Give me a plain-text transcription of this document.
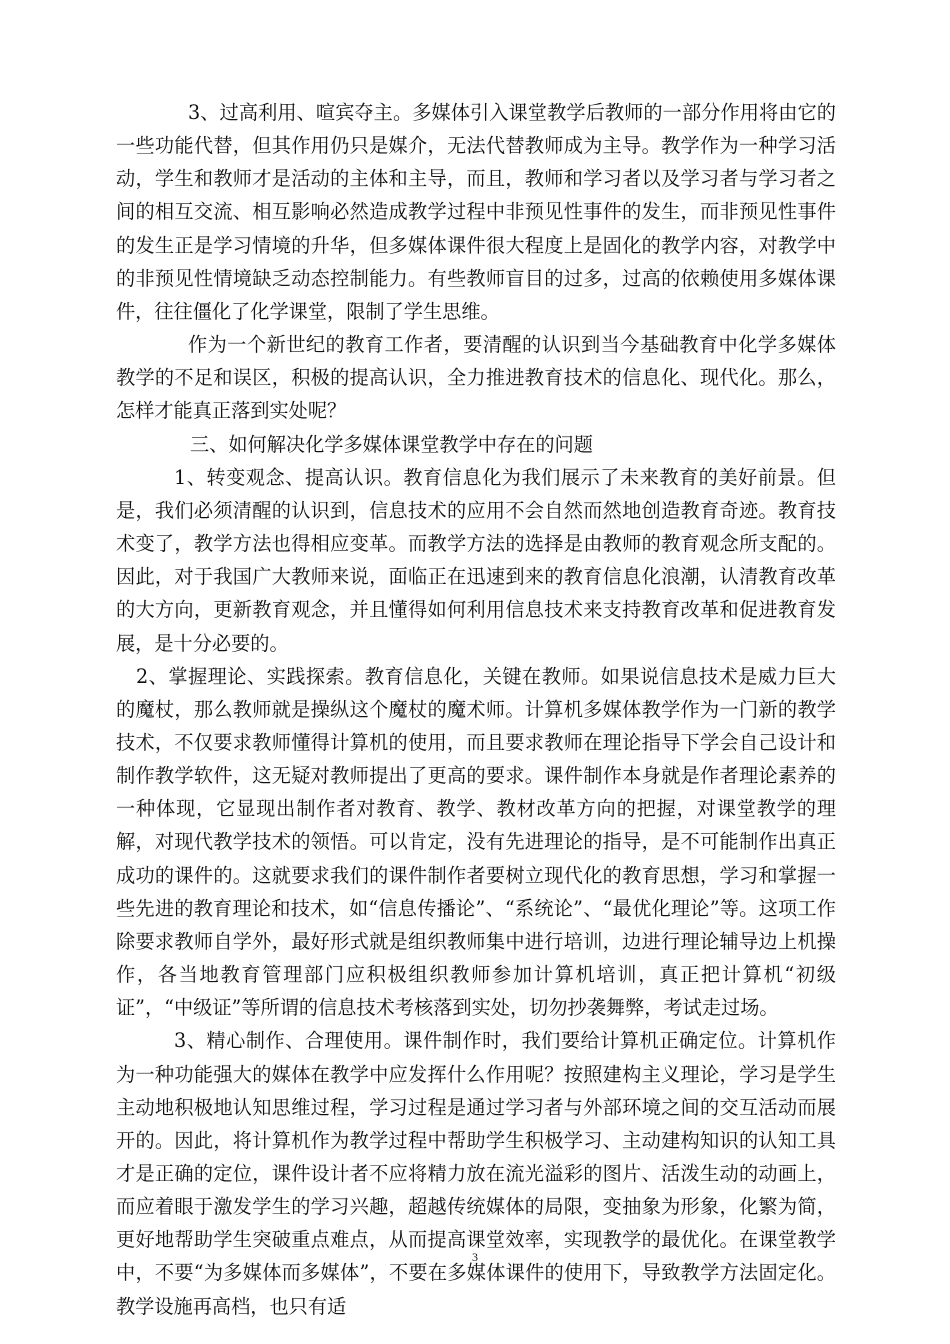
3、过高利用、喧宾夺主。多媒体引入课堂教学后教师的一部分作用将由它的一些功能代替，但其作用仍只是媒介，无法代替教师成为主导。教学作为一种学习活动，学生和教师才是活动的主体和主导，而且，教师和学习者以及学习者与学习者之间的相互交流、相互影响必然造成教学过程中非预见性事件的发生，而非预见性事件的发生正是学习情境的升华，但多媒体课件很大程度上是固化的教学内容，对教学中的非预见性情境缺乏动态控制能力。有些教师盲目的过多，过高的依赖使用多媒体课件，往往僵化了化学课堂，限制了学生思维。

作为一个新世纪的教育工作者，要清醒的认识到当今基础教育中化学多媒体教学的不足和误区，积极的提高认识，全力推进教育技术的信息化、现代化。那么，怎样才能真正落到实处呢？

三、如何解决化学多媒体课堂教学中存在的问题

1、转变观念、提高认识。教育信息化为我们展示了未来教育的美好前景。但是，我们必须清醒的认识到，信息技术的应用不会自然而然地创造教育奇迹。教育技术变了，教学方法也得相应变革。而教学方法的选择是由教师的教育观念所支配的。因此，对于我国广大教师来说，面临正在迅速到来的教育信息化浪潮，认清教育改革的大方向，更新教育观念，并且懂得如何利用信息技术来支持教育改革和促进教育发展，是十分必要的。

2、掌握理论、实践探索。教育信息化，关键在教师。如果说信息技术是威力巨大的魔杖，那么教师就是操纵这个魔杖的魔术师。计算机多媒体教学作为一门新的教学技术，不仅要求教师懂得计算机的使用，而且要求教师在理论指导下学会自己设计和制作教学软件，这无疑对教师提出了更高的要求。课件制作本身就是作者理论素养的一种体现，它显现出制作者对教育、教学、教材改革方向的把握，对课堂教学的理解，对现代教学技术的领悟。可以肯定，没有先进理论的指导，是不可能制作出真正成功的课件的。这就要求我们的课件制作者要树立现代化的教育思想，学习和掌握一些先进的教育理论和技术，如“信息传播论”、“系统论”、“最优化理论”等。这项工作除要求教师自学外，最好形式就是组织教师集中进行培训，边进行理论辅导边上机操作，各当地教育管理部门应积极组织教师参加计算机培训，真正把计算机“初级证”，“中级证”等所谓的信息技术考核落到实处，切勿抄袭舞弊，考试走过场。

3、精心制作、合理使用。课件制作时，我们要给计算机正确定位。计算机作为一种功能强大的媒体在教学中应发挥什么作用呢？按照建构主义理论，学习是学生主动地积极地认知思维过程，学习过程是通过学习者与外部环境之间的交互活动而展开的。因此，将计算机作为教学过程中帮助学生积极学习、主动建构知识的认知工具才是正确的定位，课件设计者不应将精力放在流光溢彩的图片、活泼生动的动画上，而应着眼于激发学生的学习兴趣，超越传统媒体的局限，变抽象为形象，化繁为简，更好地帮助学生突破重点难点，从而提高课堂效率，实现教学的最优化。在课堂教学中，不要“为多媒体而多媒体”，不要在多媒体课件的使用下，导致教学方法固定化。教学设施再高档，也只有适

3
